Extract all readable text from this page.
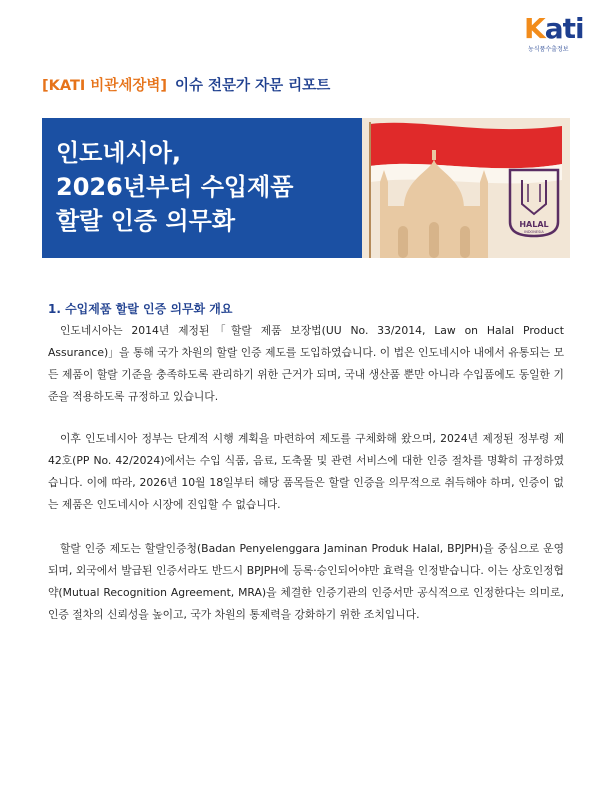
Kati
농식품수출정보
[KATI 비관세장벽] 이슈 전문가 자문 리포트
인도네시아,
2026년부터 수입제품
할랄 인증 의무화	HALAL
INDONESIA
1. 수입제품 할랄 인증 의무화 개요

인도네시아는 2014년 제정된「할랄 제품 보장법(UU No. 33/2014, Law on Halal Product Assurance)」을 통해 국가 차원의 할랄 인증 제도를 도입하였습니다. 이 법은 인도네시아 내에서 유통되는 모든 제품이 할랄 기준을 충족하도록 관리하기 위한 근거가 되며, 국내 생산품 뿐만 아니라 수입품에도 동일한 기준을 적용하도록 규정하고 있습니다.

이후 인도네시아 정부는 단계적 시행 계획을 마련하여 제도를 구체화해 왔으며, 2024년 제정된 정부령 제42호(PP No. 42/2024)에서는 수입 식품, 음료, 도축물 및 관련 서비스에 대한 인증 절차를 명확히 규정하였습니다. 이에 따라, 2026년 10월 18일부터 해당 품목들은 할랄 인증을 의무적으로 취득해야 하며, 인증이 없는 제품은 인도네시아 시장에 진입할 수 없습니다.

할랄 인증 제도는 할랄인증청(Badan Penyelenggara Jaminan Produk Halal, BPJPH)을 중심으로 운영되며, 외국에서 발급된 인증서라도 반드시 BPJPH에 등록·승인되어야만 효력을 인정받습니다. 이는 상호인정협약(Mutual Recognition Agreement, MRA)을 체결한 인증기관의 인증서만 공식적으로 인정한다는 의미로, 인증 절차의 신뢰성을 높이고, 국가 차원의 통제력을 강화하기 위한 조치입니다.
